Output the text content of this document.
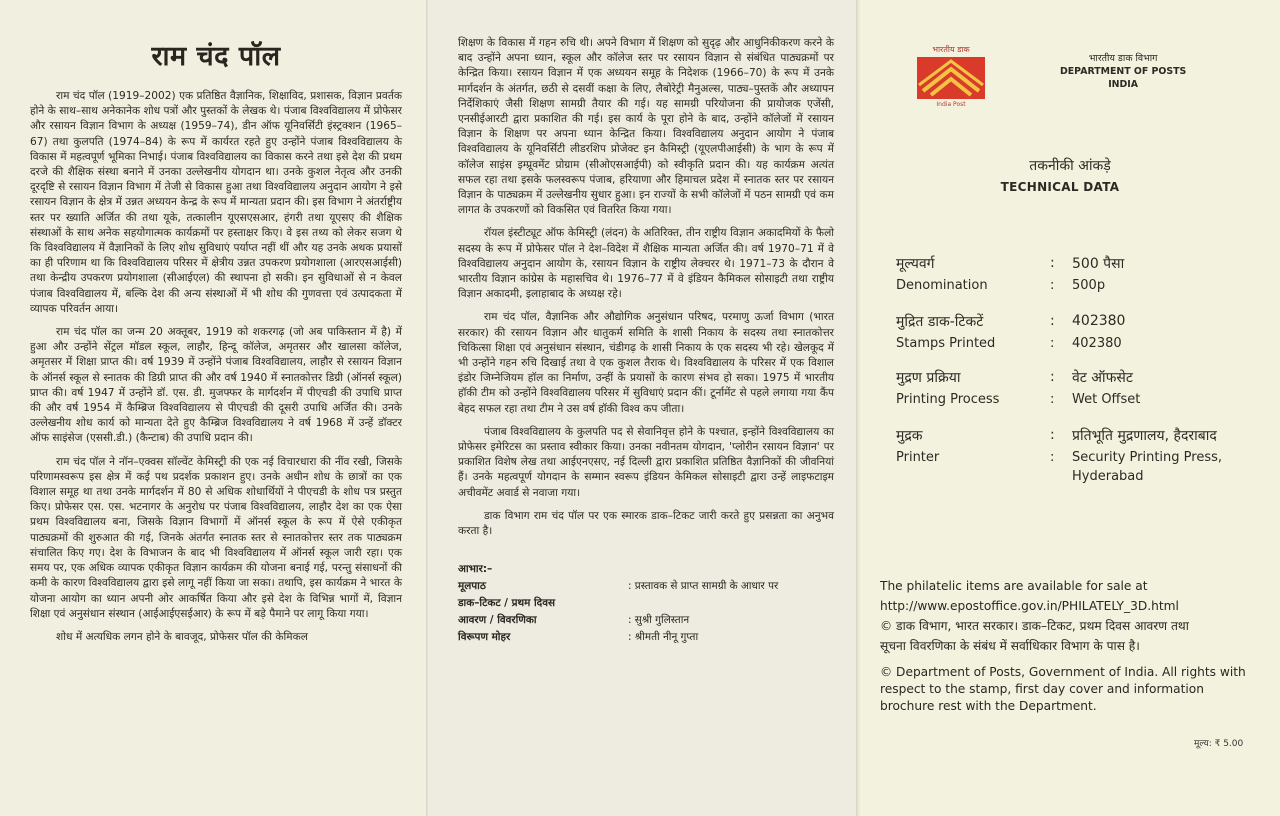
राम चंद पॉल

राम चंद पॉल (1919–2002) एक प्रतिष्ठित वैज्ञानिक, शिक्षाविद, प्रशासक, विज्ञान प्रवर्तक होने के साथ–साथ अनेकानेक शोध पत्रों और पुस्तकों के लेखक थे। पंजाब विश्वविद्यालय में प्रोफेसर और रसायन विज्ञान विभाग के अध्यक्ष (1959–74), डीन ऑफ यूनिवर्सिटी इंस्ट्रक्शन (1965–67) तथा कुलपति (1974–84) के रूप में कार्यरत रहते हुए उन्होंने पंजाब विश्वविद्यालय के विकास में महत्वपूर्ण भूमिका निभाई। पंजाब विश्वविद्यालय का विकास करने तथा इसे देश की प्रथम दरजे की शैक्षिक संस्था बनाने में उनका उल्लेखनीय योगदान था। उनके कुशल नेतृत्व और उनकी दूरदृष्टि से रसायन विज्ञान विभाग में तेजी से विकास हुआ तथा विश्वविद्यालय अनुदान आयोग ने इसे रसायन विज्ञान के क्षेत्र में उन्नत अध्ययन केन्द्र के रूप में मान्यता प्रदान की। इस विभाग ने अंतर्राष्ट्रीय स्तर पर ख्याति अर्जित की तथा यूके, तत्कालीन यूएसएसआर, हंगरी तथा यूएसए की शैक्षिक संस्थाओं के साथ अनेक सहयोगात्मक कार्यक्रमों पर हस्ताक्षर किए। वे इस तथ्य को लेकर सजग थे कि विश्वविद्यालय में वैज्ञानिकों के लिए शोध सुविधाएं पर्याप्त नहीं थीं और यह उनके अथक प्रयासों का ही परिणाम था कि विश्वविद्यालय परिसर में क्षेत्रीय उन्नत उपकरण प्रयोगशाला (आरएसआईसी) तथा केन्द्रीय उपकरण प्रयोगशाला (सीआईएल) की स्थापना हो सकी। इन सुविधाओं से न केवल पंजाब विश्वविद्यालय में, बल्कि देश की अन्य संस्थाओं में भी शोध की गुणवत्ता एवं उत्पादकता में व्यापक परिवर्तन आया।

राम चंद पॉल का जन्म 20 अक्तूबर, 1919 को शकरगढ़ (जो अब पाकिस्तान में है) में हुआ और उन्होंने सेंट्रल मॉडल स्कूल, लाहौर, हिन्दू कॉलेज, अमृतसर और खालसा कॉलेज, अमृतसर में शिक्षा प्राप्त की। वर्ष 1939 में उन्होंने पंजाब विश्वविद्यालय, लाहौर से रसायन विज्ञान के ऑनर्स स्कूल से स्नातक की डिग्री प्राप्त की और वर्ष 1940 में स्नातकोत्तर डिग्री (ऑनर्स स्कूल) प्राप्त की। वर्ष 1947 में उन्होंने डॉ. एस. डी. मुजफ्फर के मार्गदर्शन में पीएचडी की उपाधि प्राप्त की और वर्ष 1954 में कैम्ब्रिज विश्वविद्यालय से पीएचडी की दूसरी उपाधि अर्जित की। उनके उल्लेखनीय शोध कार्य को मान्यता देते हुए कैम्ब्रिज विश्वविद्यालय ने वर्ष 1968 में उन्हें डॉक्टर ऑफ साइंसेज (एससी.डी.) (कैन्टाब) की उपाधि प्रदान की।

राम चंद पॉल ने नॉन–एक्वस सॉल्वेंट केमिस्ट्री की एक नई विचारधारा की नींव रखी, जिसके परिणामस्वरूप इस क्षेत्र में कई पथ प्रदर्शक प्रकाशन हुए। उनके अधीन शोध के छात्रों का एक विशाल समूह था तथा उनके मार्गदर्शन में 80 से अधिक शोधार्थियों ने पीएचडी के शोध पत्र प्रस्तुत किए। प्रोफेसर एस. एस. भटनागर के अनुरोध पर पंजाब विश्वविद्यालय, लाहौर देश का एक ऐसा प्रथम विश्वविद्यालय बना, जिसके विज्ञान विभागों में ऑनर्स स्कूल के रूप में ऐसे एकीकृत पाठ्यक्रमों की शुरुआत की गई, जिनके अंतर्गत स्नातक स्तर से स्नातकोत्तर स्तर तक पाठ्यक्रम संचालित किए गए। देश के विभाजन के बाद भी विश्वविद्यालय में ऑनर्स स्कूल जारी रहा। एक समय पर, एक अधिक व्यापक एकीकृत विज्ञान कार्यक्रम की योजना बनाई गई, परन्तु संसाधनों की कमी के कारण विश्वविद्यालय द्वारा इसे लागू नहीं किया जा सका। तथापि, इस कार्यक्रम ने भारत के योजना आयोग का ध्यान अपनी ओर आकर्षित किया और इसे देश के विभिन्न भागों में, विज्ञान शिक्षा एवं अनुसंधान संस्थान (आईआईएसईआर) के रूप में बड़े पैमाने पर लागू किया गया।

शोध में अत्यधिक लगन होने के बावजूद, प्रोफेसर पॉल की केमिकल

शिक्षण के विकास में गहन रुचि थी। अपने विभाग में शिक्षण को सुदृढ़ और आधुनिकीकरण करने के बाद उन्होंने अपना ध्यान, स्कूल और कॉलेज स्तर पर रसायन विज्ञान से संबंधित पाठ्यक्रमों पर केन्द्रित किया। रसायन विज्ञान में एक अध्ययन समूह के निदेशक (1966–70) के रूप में उनके मार्गदर्शन के अंतर्गत, छठी से दसवीं कक्षा के लिए, लैबोरेट्री मैनुअल्स, पाठ्य–पुस्तकें और अध्यापन निर्देशिकाएं जैसी शिक्षण सामग्री तैयार की गई। यह सामग्री परियोजना की प्रायोजक एजेंसी, एनसीईआरटी द्वारा प्रकाशित की गई। इस कार्य के पूरा होने के बाद, उन्होंने कॉलेजों में रसायन विज्ञान के शिक्षण पर अपना ध्यान केन्द्रित किया। विश्वविद्यालय अनुदान आयोग ने पंजाब विश्वविद्यालय के यूनिवर्सिटी लीडरशिप प्रोजेक्ट इन कैमिस्ट्री (यूएलपीआईसी) के भाग के रूप में कॉलेज साइंस इम्प्रूवमेंट प्रोग्राम (सीओएसआईपी) को स्वीकृति प्रदान की। यह कार्यक्रम अत्यंत सफल रहा तथा इसके फलस्वरूप पंजाब, हरियाणा और हिमाचल प्रदेश में स्नातक स्तर पर रसायन विज्ञान के पाठ्यक्रम में उल्लेखनीय सुधार हुआ। इन राज्यों के सभी कॉलेजों में पठन सामग्री एवं कम लागत के उपकरणों को विकसित एवं वितरित किया गया।

रॉयल इंस्टीट्यूट ऑफ केमिस्ट्री (लंदन) के अतिरिक्त, तीन राष्ट्रीय विज्ञान अकादमियों के फैलो सदस्य के रूप में प्रोफेसर पॉल ने देश–विदेश में शैक्षिक मान्यता अर्जित की। वर्ष 1970–71 में वे विश्वविद्यालय अनुदान आयोग के, रसायन विज्ञान के राष्ट्रीय लेक्चरर थे। 1971–73 के दौरान वे भारतीय विज्ञान कांग्रेस के महासचिव थे। 1976–77 में वे इंडियन कैमिकल सोसाइटी तथा राष्ट्रीय विज्ञान अकादमी, इलाहाबाद के अध्यक्ष रहे।

राम चंद पॉल, वैज्ञानिक और औद्योगिक अनुसंधान परिषद, परमाणु ऊर्जा विभाग (भारत सरकार) की रसायन विज्ञान और धातुकर्म समिति के शासी निकाय के सदस्य तथा स्नातकोत्तर चिकित्सा शिक्षा एवं अनुसंधान संस्थान, चंडीगढ़ के शासी निकाय के एक सदस्य भी रहे। खेलकूद में भी उन्होंने गहन रुचि दिखाई तथा वे एक कुशल तैराक थे। विश्वविद्यालय के परिसर में एक विशाल इंडोर जिम्नेजियम हॉल का निर्माण, उन्हीं के प्रयासों के कारण संभव हो सका। 1975 में भारतीय हॉकी टीम को उन्होंने विश्वविद्यालय परिसर में सुविधाएं प्रदान कीं। टूर्नामेंट से पहले लगाया गया कैंप बेहद सफल रहा तथा टीम ने उस वर्ष हॉकी विश्व कप जीता।

पंजाब विश्वविद्यालय के कुलपति पद से सेवानिवृत्त होने के पश्चात, इन्होंने विश्वविद्यालय का प्रोफेसर इमेरिटस का प्रस्ताव स्वीकार किया। उनका नवीनतम योगदान, 'प्लोरीन रसायन विज्ञान' पर प्रकाशित विशेष लेख तथा आईएनएसए, नई दिल्ली द्वारा प्रकाशित प्रतिष्ठित वैज्ञानिकों की जीवनियां हैं। उनके महत्वपूर्ण योगदान के सम्मान स्वरूप इंडियन केमिकल सोसाइटी द्वारा उन्हें लाइफटाइम अचीवमेंट अवार्ड से नवाजा गया।

डाक विभाग राम चंद पॉल पर एक स्मारक डाक–टिकट जारी करते हुए प्रसन्नता का अनुभव करता है।

आभार:–
मूलपाठ	: प्रस्तावक से प्राप्त सामग्री के आधार पर
डाक–टिकट / प्रथम दिवस
आवरण / विवरणिका	: सुश्री गुलिस्तान
विरूपण मोहर	: श्रीमती नीनू गुप्ता
भारतीय डाक
India Post
भारतीय डाक विभाग
DEPARTMENT OF POSTS
INDIA
तकनीकी आंकड़े
TECHNICAL DATA
मूल्यवर्ग	:	500 पैसा
Denomination	:	500p
मुद्रित डाक-टिकटें	:	402380
Stamps Printed	:	402380
मुद्रण प्रक्रिया	:	वेट ऑफसेट
Printing Process	:	Wet Offset
मुद्रक	:	प्रतिभूति मुद्रणालय, हैदराबाद
Printer	:	Security Printing Press,
Hyderabad
The philatelic items are available for sale at
http://www.epostoffice.gov.in/PHILATELY_3D.html
© डाक विभाग, भारत सरकार। डाक–टिकट, प्रथम दिवस आवरण तथा
सूचना विवरणिका के संबंध में सर्वाधिकार विभाग के पास है।
© Department of Posts, Government of India. All rights with
respect to the stamp, first day cover and information
brochure rest with the Department.
मूल्य: ₹ 5.00
